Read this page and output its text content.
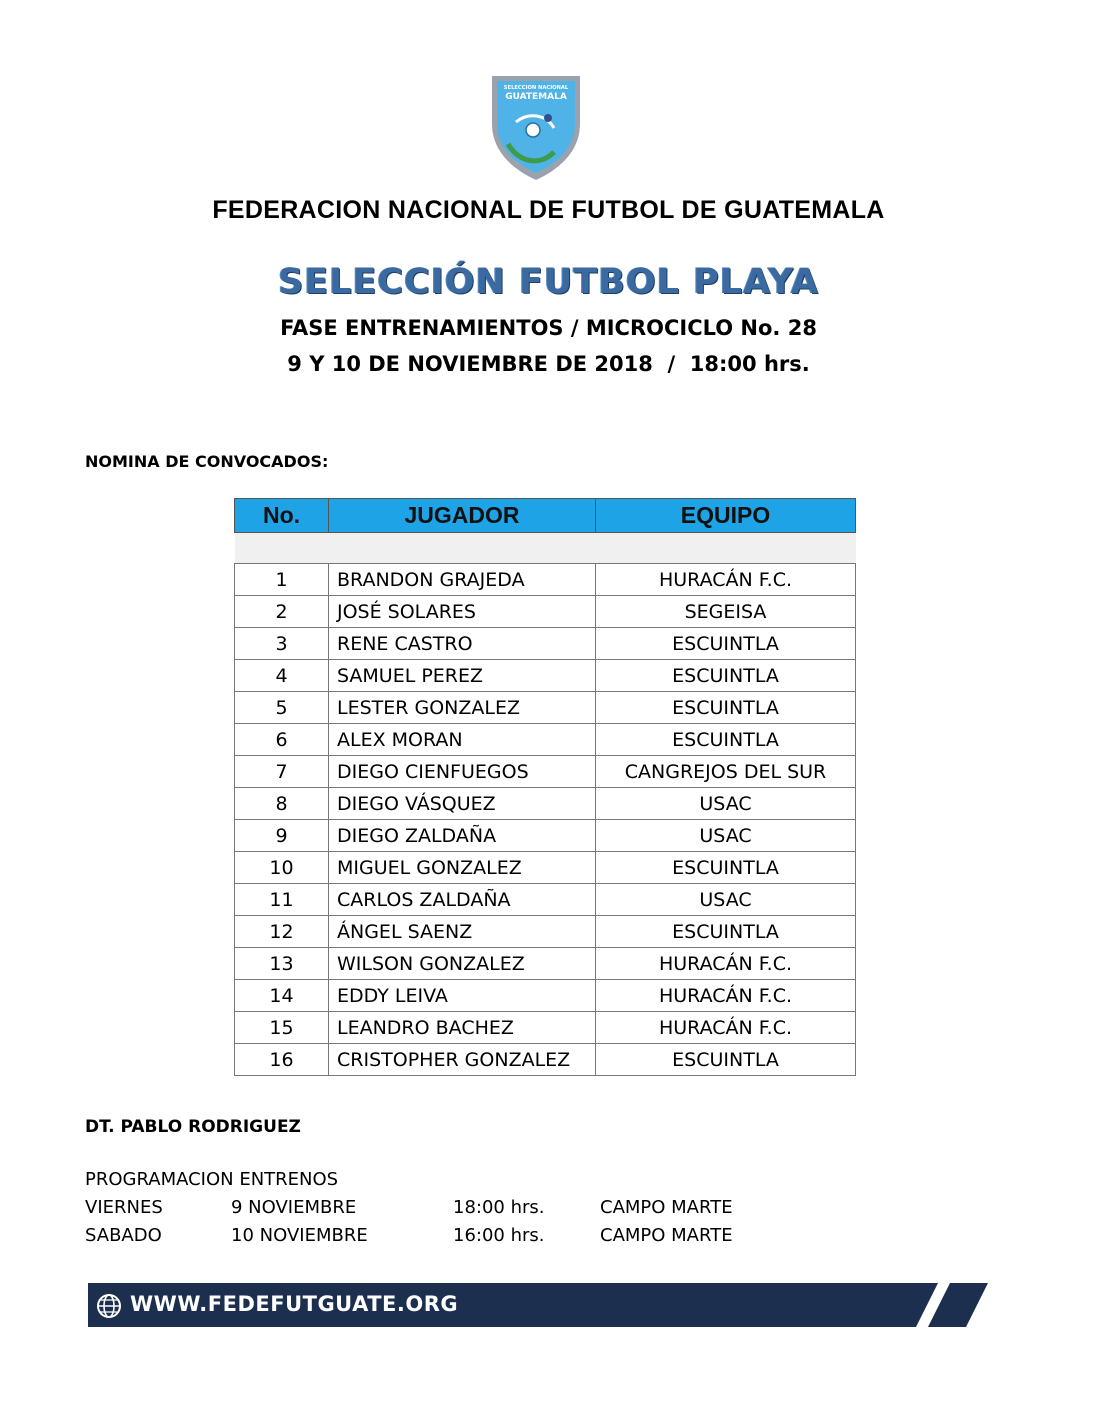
SELECCION NACIONAL
GUATEMALA
FEDERACION NACIONAL DE FUTBOL DE GUATEMALA
SELECCIÓN FUTBOL PLAYA
FASE ENTRENAMIENTOS / MICROCICLO No. 28
9 Y 10 DE NOVIEMBRE DE 2018  /  18:00 hrs.
NOMINA DE CONVOCADOS:
No.	JUGADOR	EQUIPO

1	BRANDON GRAJEDA	HURACÁN F.C.
2	JOSÉ SOLARES	SEGEISA
3	RENE CASTRO	ESCUINTLA
4	SAMUEL PEREZ	ESCUINTLA
5	LESTER GONZALEZ	ESCUINTLA
6	ALEX MORAN	ESCUINTLA
7	DIEGO CIENFUEGOS	CANGREJOS DEL SUR
8	DIEGO VÁSQUEZ	USAC
9	DIEGO ZALDAÑA	USAC
10	MIGUEL GONZALEZ	ESCUINTLA
11	CARLOS ZALDAÑA	USAC
12	ÁNGEL SAENZ	ESCUINTLA
13	WILSON GONZALEZ	HURACÁN F.C.
14	EDDY LEIVA	HURACÁN F.C.
15	LEANDRO BACHEZ	HURACÁN F.C.
16	CRISTOPHER GONZALEZ	ESCUINTLA
DT. PABLO RODRIGUEZ
PROGRAMACION ENTRENOS
VIERNES	9 NOVIEMBRE	18:00 hrs.	CAMPO MARTE
SABADO	10 NOVIEMBRE	16:00 hrs.	CAMPO MARTE
WWW.FEDEFUTGUATE.ORG
